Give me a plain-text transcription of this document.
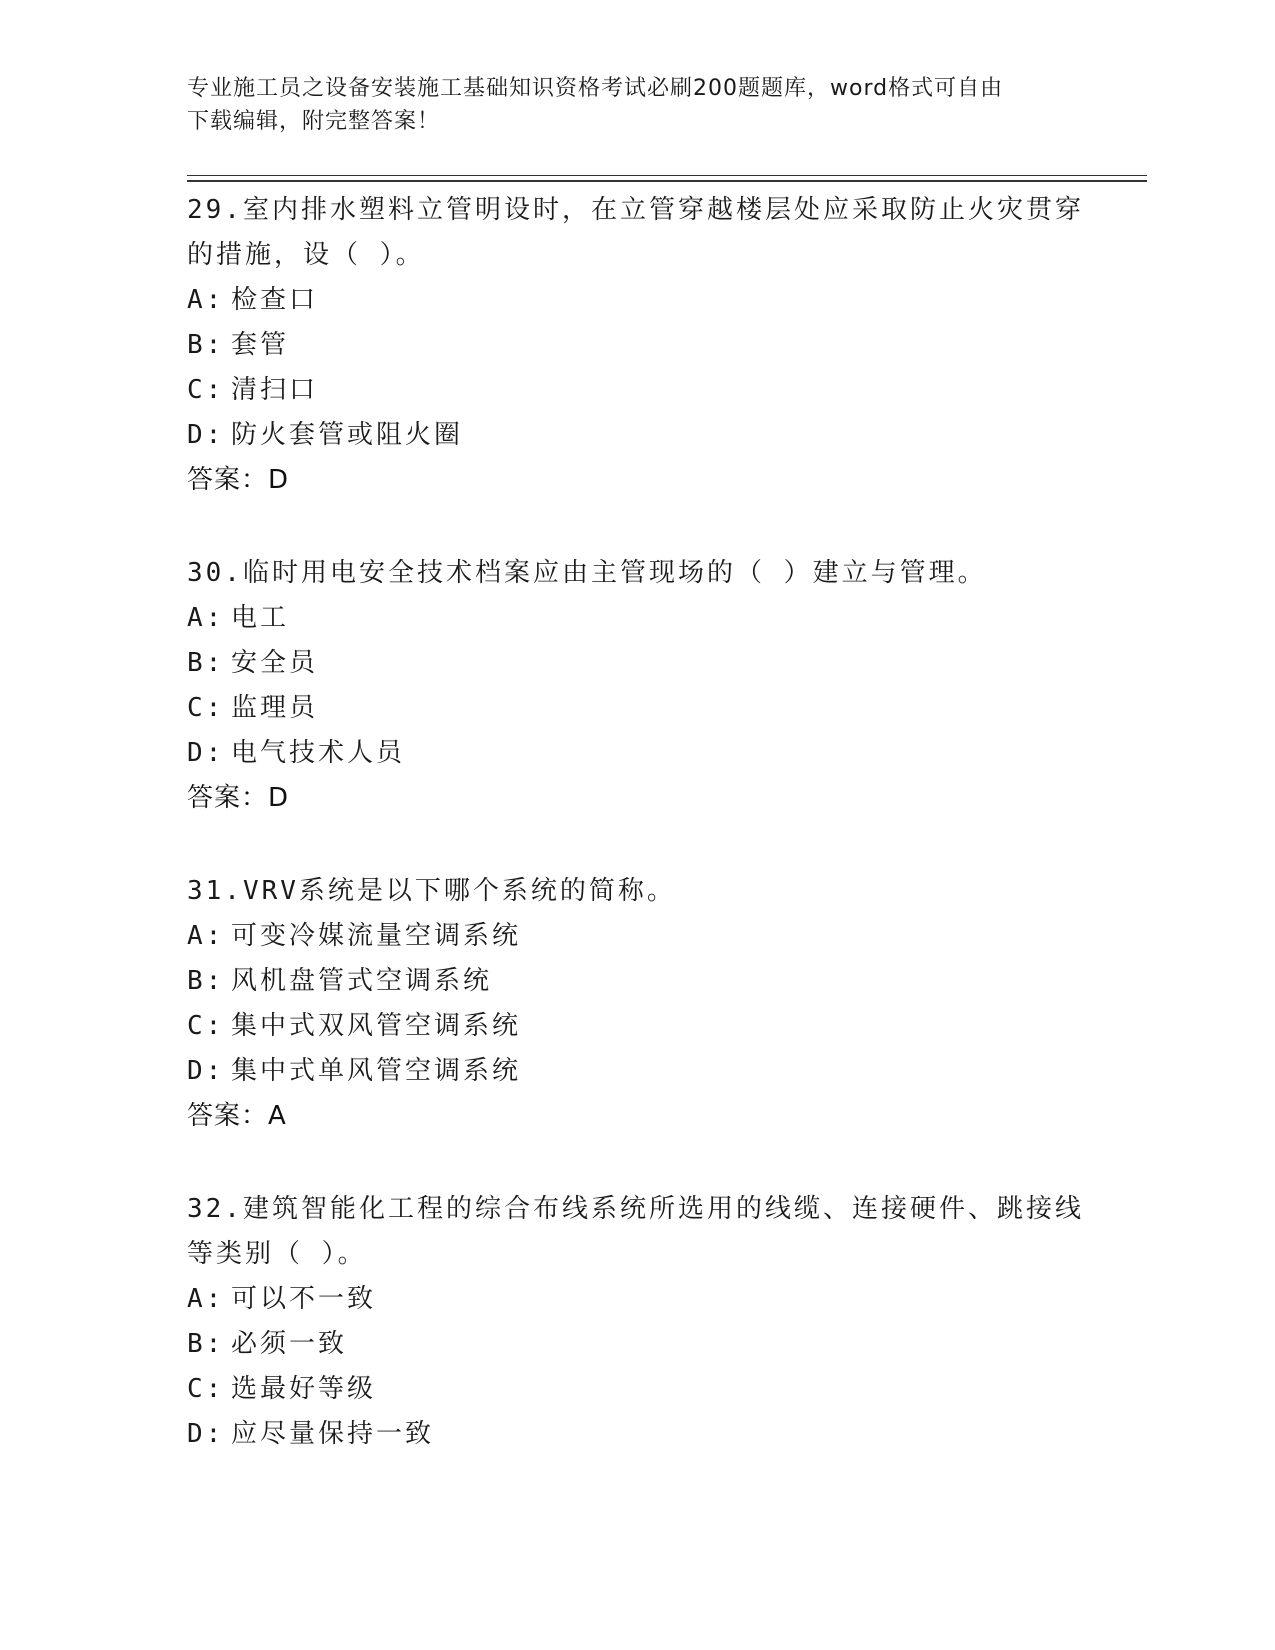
专业施工员之设备安装施工基础知识资格考试必刷200题题库，word格式可自由
下载编辑，附完整答案！
29.室内排水塑料立管明设时，在立管穿越楼层处应采取防止火灾贯穿
的措施，设（ ）。
A: 检查口
B: 套管
C: 清扫口
D: 防火套管或阻火圈
答案：D
30.临时用电安全技术档案应由主管现场的（ ）建立与管理。
A: 电工
B: 安全员
C: 监理员
D: 电气技术人员
答案：D
31.VRV系统是以下哪个系统的简称。
A: 可变冷媒流量空调系统
B: 风机盘管式空调系统
C: 集中式双风管空调系统
D: 集中式单风管空调系统
答案：A
32.建筑智能化工程的综合布线系统所选用的线缆、连接硬件、跳接线
等类别（ ）。
A: 可以不一致
B: 必须一致
C: 选最好等级
D: 应尽量保持一致
